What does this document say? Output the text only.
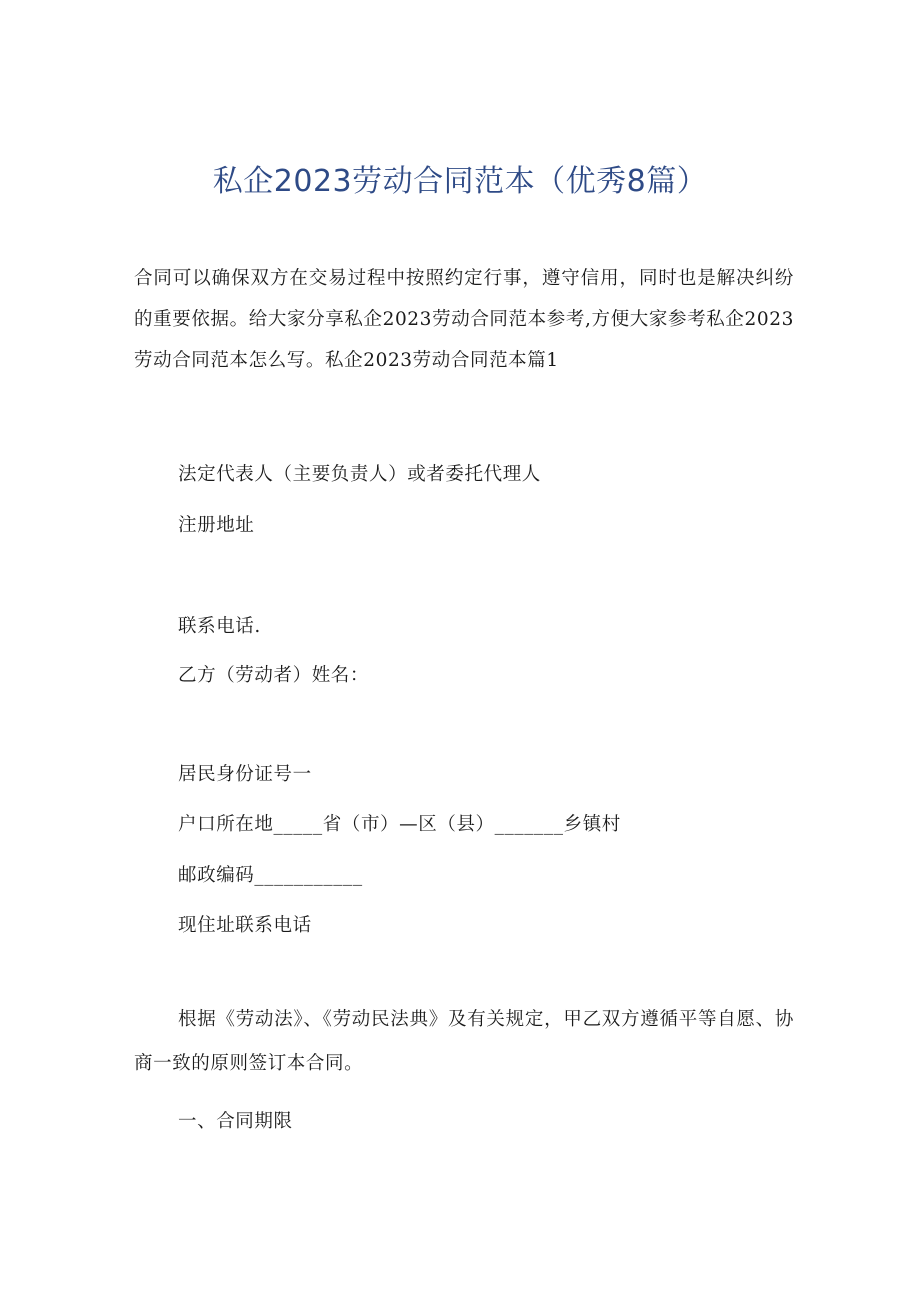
私企2023劳动合同范本（优秀8篇）

合同可以确保双方在交易过程中按照约定行事，遵守信用，同时也是解决纠纷的重要依据。给大家分享私企2023劳动合同范本参考,方便大家参考私企2023劳动合同范本怎么写。私企2023劳动合同范本篇1

法定代表人（主要负责人）或者委托代理人

注册地址

联系电话.

乙方（劳动者）姓名：

居民身份证号一

户口所在地_____省（市）—区（县）_______乡镇村

邮政编码___________

现住址联系电话

根据《劳动法》、《劳动民法典》及有关规定，甲乙双方遵循平等自愿、协商一致的原则签订本合同。

一、合同期限
